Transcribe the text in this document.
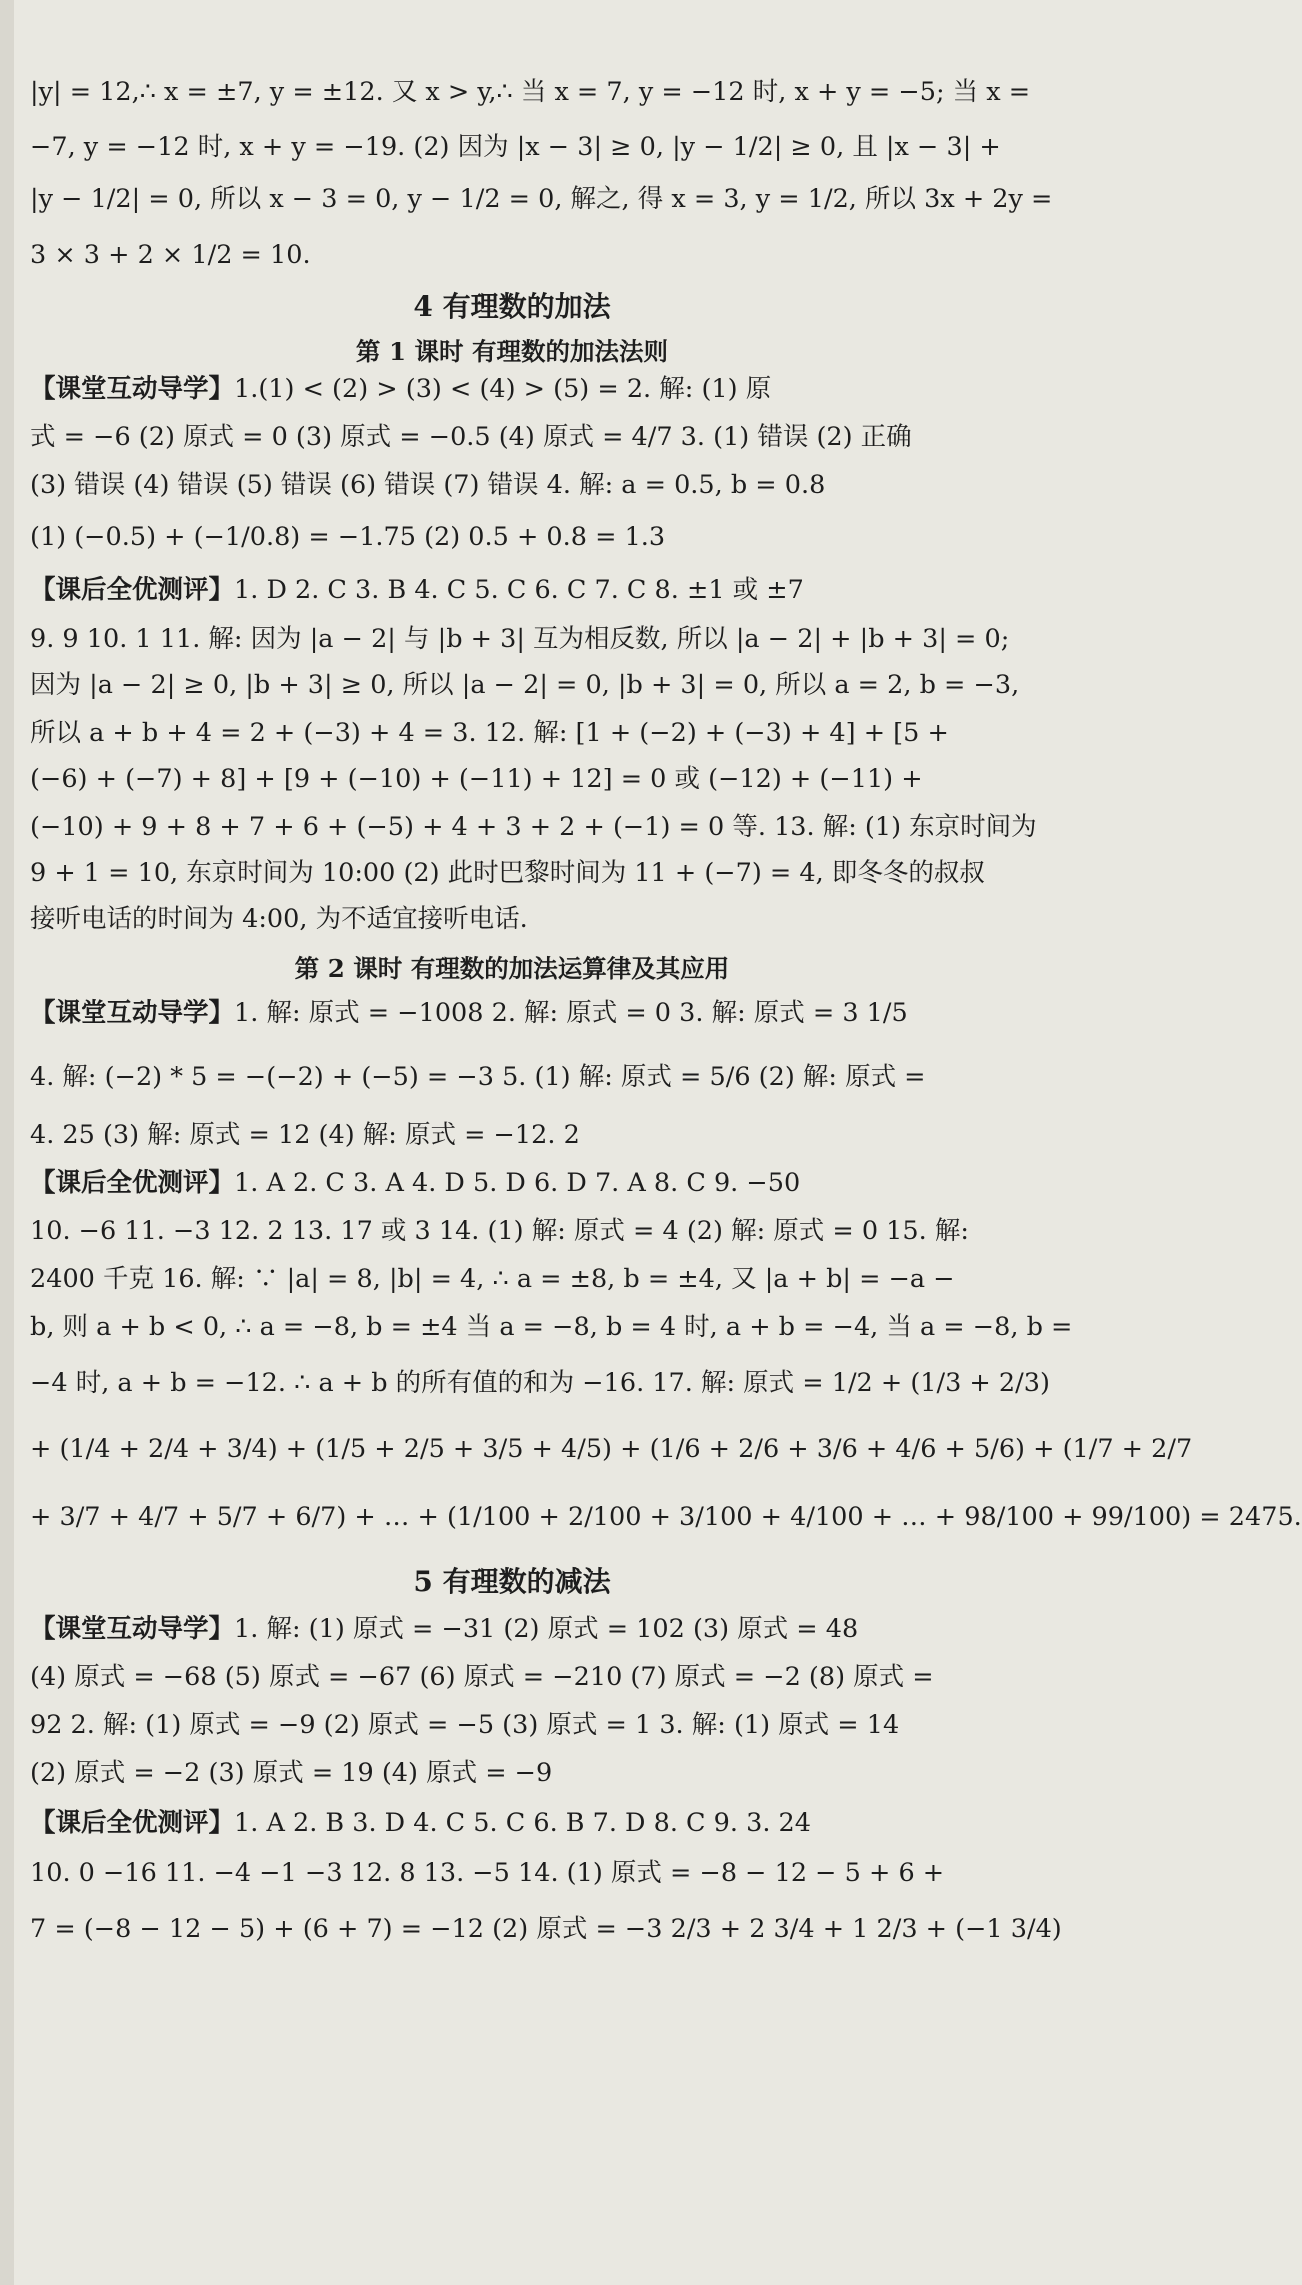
|y| = 12,∴ x = ±7, y = ±12. 又 x > y,∴ 当 x = 7, y = −12 时, x + y = −5; 当 x =
−7, y = −12 时, x + y = −19. (2) 因为 |x − 3| ≥ 0, |y − 1/2| ≥ 0, 且 |x − 3| +
|y − 1/2| = 0, 所以 x − 3 = 0, y − 1/2 = 0, 解之, 得 x = 3, y = 1/2, 所以 3x + 2y =
3 × 3 + 2 × 1/2 = 10.
4 有理数的加法
第 1 课时 有理数的加法法则
【课堂互动导学】1.(1) < (2) > (3) < (4) > (5) = 2. 解: (1) 原
式 = −6 (2) 原式 = 0 (3) 原式 = −0.5 (4) 原式 = 4/7 3. (1) 错误 (2) 正确
(3) 错误 (4) 错误 (5) 错误 (6) 错误 (7) 错误 4. 解: a = 0.5, b = 0.8
(1) (−0.5) + (−1/0.8) = −1.75 (2) 0.5 + 0.8 = 1.3
【课后全优测评】1. D 2. C 3. B 4. C 5. C 6. C 7. C 8. ±1 或 ±7
9. 9 10. 1 11. 解: 因为 |a − 2| 与 |b + 3| 互为相反数, 所以 |a − 2| + |b + 3| = 0;
因为 |a − 2| ≥ 0, |b + 3| ≥ 0, 所以 |a − 2| = 0, |b + 3| = 0, 所以 a = 2, b = −3,
所以 a + b + 4 = 2 + (−3) + 4 = 3. 12. 解: [1 + (−2) + (−3) + 4] + [5 +
(−6) + (−7) + 8] + [9 + (−10) + (−11) + 12] = 0 或 (−12) + (−11) +
(−10) + 9 + 8 + 7 + 6 + (−5) + 4 + 3 + 2 + (−1) = 0 等. 13. 解: (1) 东京时间为
9 + 1 = 10, 东京时间为 10:00 (2) 此时巴黎时间为 11 + (−7) = 4, 即冬冬的叔叔
接听电话的时间为 4:00, 为不适宜接听电话.
第 2 课时 有理数的加法运算律及其应用
【课堂互动导学】1. 解: 原式 = −1008 2. 解: 原式 = 0 3. 解: 原式 = 3 1/5
4. 解: (−2) * 5 = −(−2) + (−5) = −3 5. (1) 解: 原式 = 5/6 (2) 解: 原式 =
4. 25 (3) 解: 原式 = 12 (4) 解: 原式 = −12. 2
【课后全优测评】1. A 2. C 3. A 4. D 5. D 6. D 7. A 8. C 9. −50
10. −6 11. −3 12. 2 13. 17 或 3 14. (1) 解: 原式 = 4 (2) 解: 原式 = 0 15. 解:
2400 千克 16. 解: ∵ |a| = 8, |b| = 4, ∴ a = ±8, b = ±4, 又 |a + b| = −a −
b, 则 a + b < 0, ∴ a = −8, b = ±4 当 a = −8, b = 4 时, a + b = −4, 当 a = −8, b =
−4 时, a + b = −12. ∴ a + b 的所有值的和为 −16. 17. 解: 原式 = 1/2 + (1/3 + 2/3)
+ (1/4 + 2/4 + 3/4) + (1/5 + 2/5 + 3/5 + 4/5) + (1/6 + 2/6 + 3/6 + 4/6 + 5/6) + (1/7 + 2/7
+ 3/7 + 4/7 + 5/7 + 6/7) + … + (1/100 + 2/100 + 3/100 + 4/100 + … + 98/100 + 99/100) = 2475.
5 有理数的减法
【课堂互动导学】1. 解: (1) 原式 = −31 (2) 原式 = 102 (3) 原式 = 48
(4) 原式 = −68 (5) 原式 = −67 (6) 原式 = −210 (7) 原式 = −2 (8) 原式 =
92 2. 解: (1) 原式 = −9 (2) 原式 = −5 (3) 原式 = 1 3. 解: (1) 原式 = 14
(2) 原式 = −2 (3) 原式 = 19 (4) 原式 = −9
【课后全优测评】1. A 2. B 3. D 4. C 5. C 6. B 7. D 8. C 9. 3. 24
10. 0 −16 11. −4 −1 −3 12. 8 13. −5 14. (1) 原式 = −8 − 12 − 5 + 6 +
7 = (−8 − 12 − 5) + (6 + 7) = −12 (2) 原式 = −3 2/3 + 2 3/4 + 1 2/3 + (−1 3/4)
